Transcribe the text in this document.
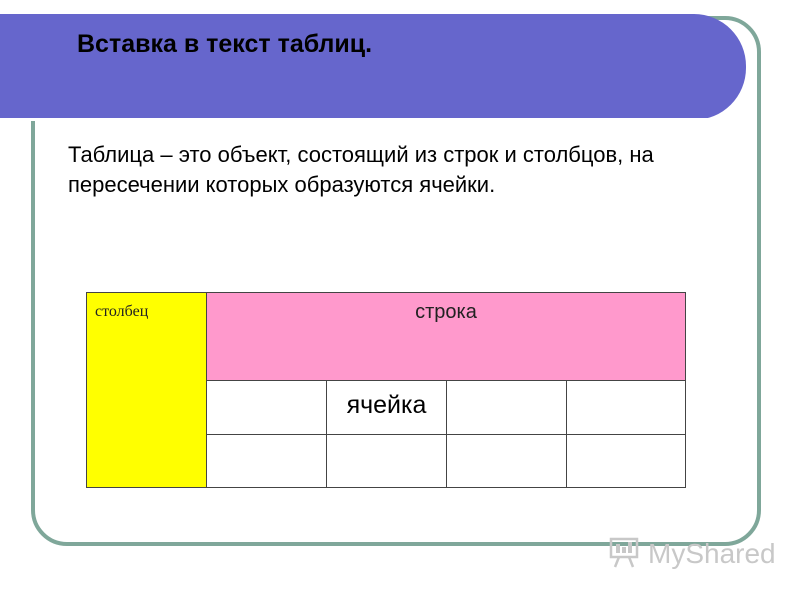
Вставка в текст таблиц.
Таблица – это объект, состоящий из строк и столбцов, на пересечении которых образуются ячейки.
столбец	строка
ячейка
MyShared
